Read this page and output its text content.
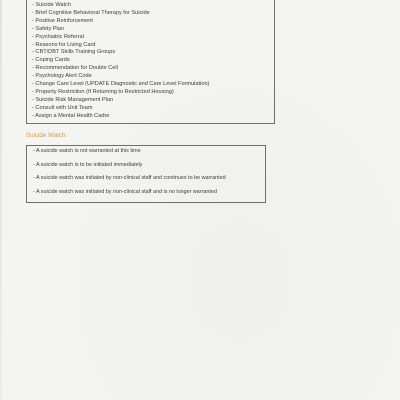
- Suicide Watch
- Brief Cognitive Behavioral Therapy for Suicide
- Positive Reinforcement
- Safety Plan
- Psychiatric Referral
- Reasons for Living Card
- CBT/DBT Skills Training Groups
- Coping Cards
- Recommendation for Double Cell
- Psychology Alert Code
- Change Care Level (UPDATE Diagnostic and Care Level Formulation)
- Property Restriction (If Returning to Restricted Housing)
- Suicide Risk Management Plan
- Consult with Unit Team
- Assign a Mental Health Cadre
Suicide Watch:
- A suicide watch is not warranted at this time
- A suicide watch is to be initiated immediately
- A suicide watch was initiated by non-clinical staff and continues to be warranted
- A suicide watch was initiated by non-clinical staff and is no longer warranted
